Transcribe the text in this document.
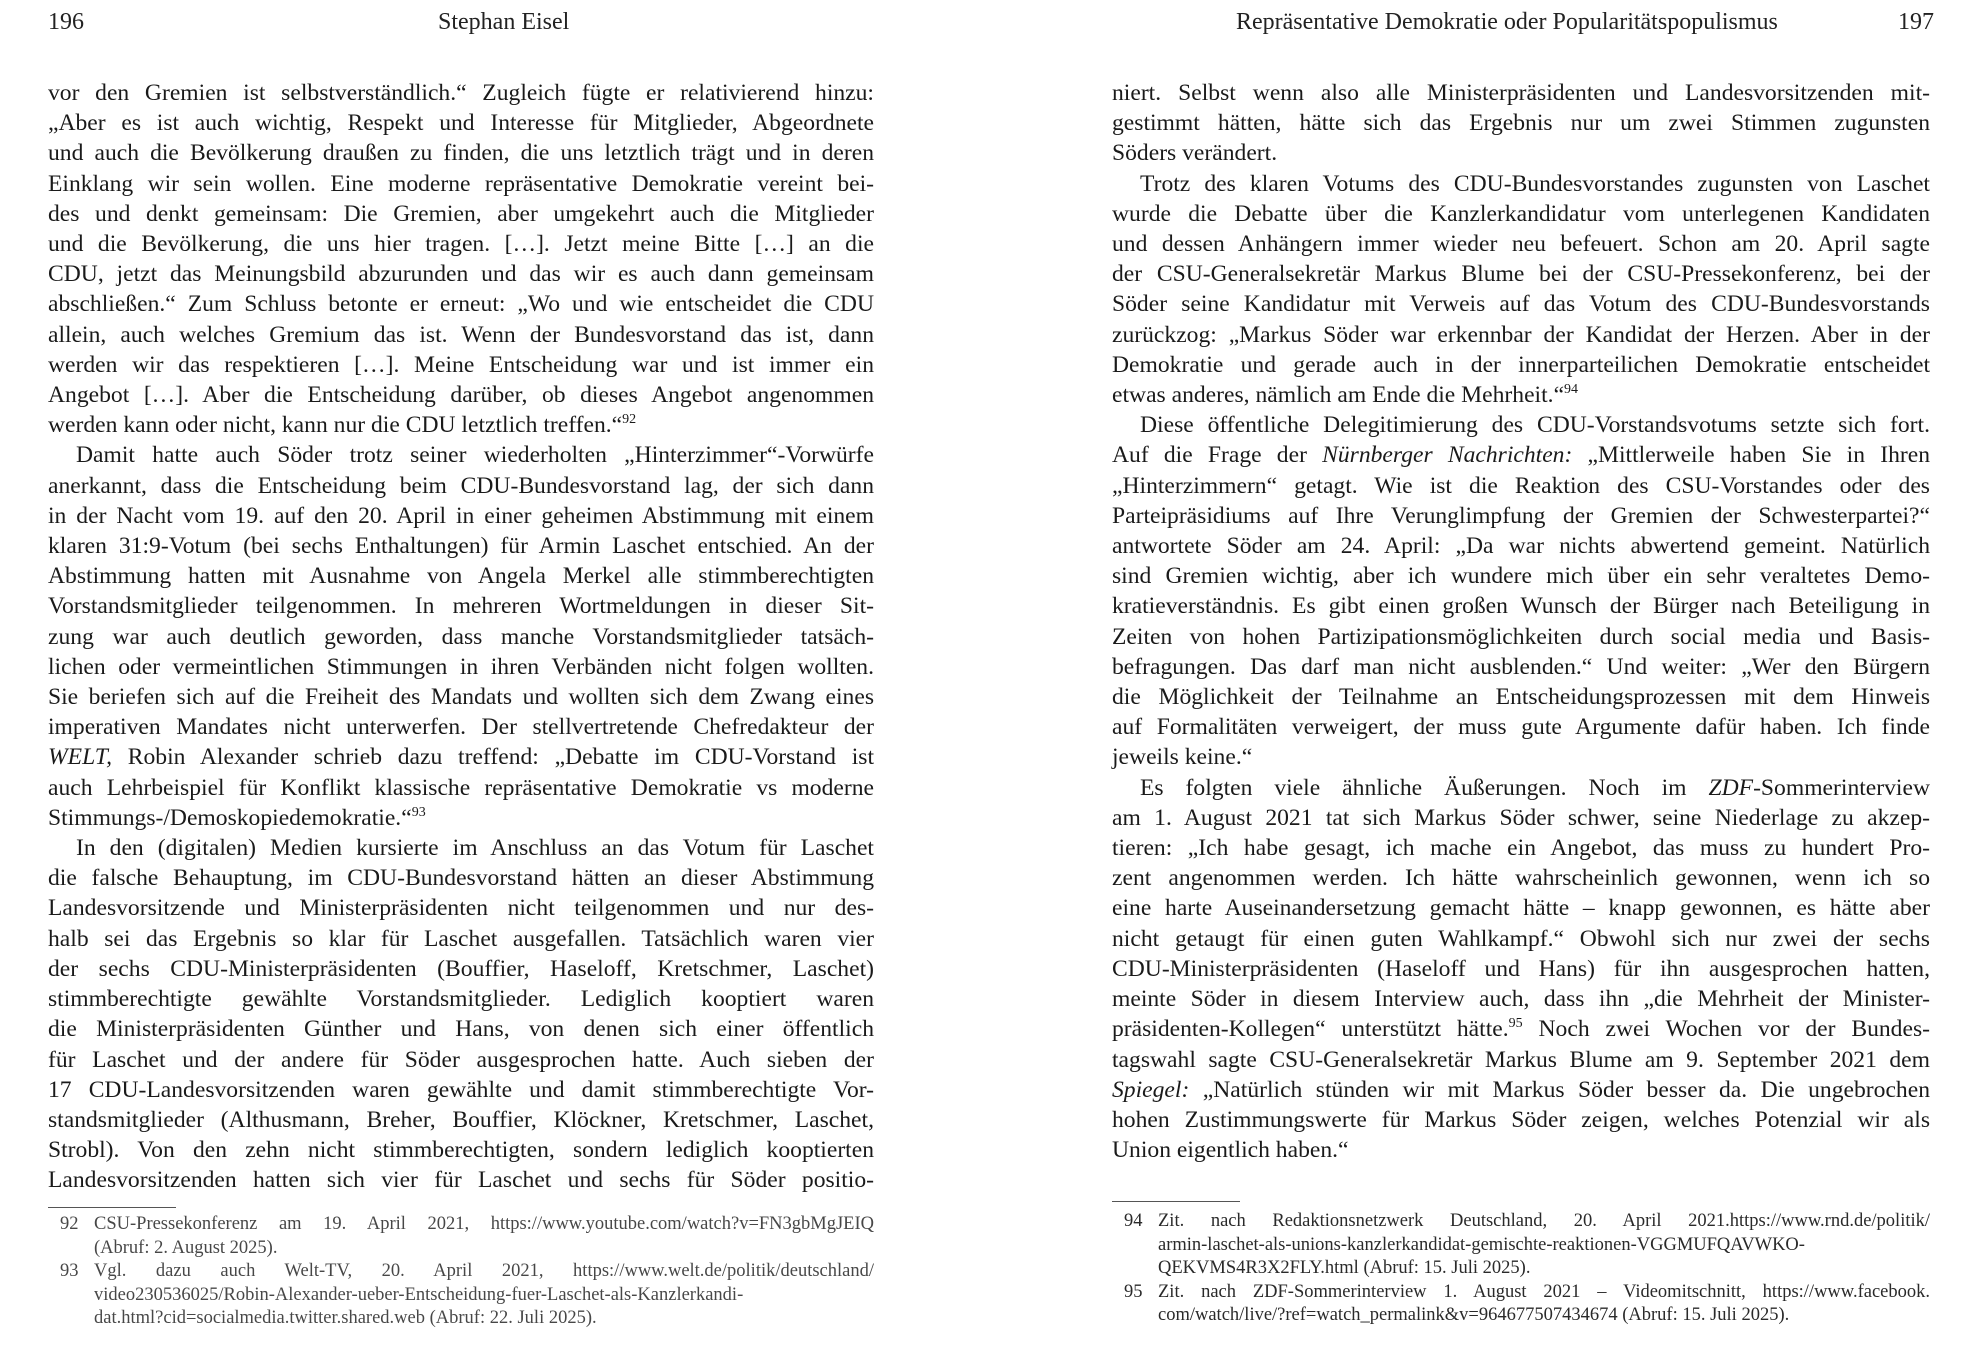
196	Stephan Eisel

vor den Gremien ist selbstverständlich.“ Zugleich fügte er relativierend hinzu:
„Aber es ist auch wichtig, Respekt und Interesse für Mitglieder, Abgeordnete
und auch die Bevölkerung draußen zu finden, die uns letztlich trägt und in deren
Einklang wir sein wollen. Eine moderne repräsentative Demokratie vereint bei-
des und denkt gemeinsam: Die Gremien, aber umgekehrt auch die Mitglieder
und die Bevölkerung, die uns hier tragen. […]. Jetzt meine Bitte […] an die
CDU, jetzt das Meinungsbild abzurunden und das wir es auch dann gemeinsam
abschließen.“ Zum Schluss betonte er erneut: „Wo und wie entscheidet die CDU
allein, auch welches Gremium das ist. Wenn der Bundesvorstand das ist, dann
werden wir das respektieren […]. Meine Entscheidung war und ist immer ein
Angebot […]. Aber die Entscheidung darüber, ob dieses Angebot angenommen
werden kann oder nicht, kann nur die CDU letztlich treffen.“$^{92}$

Damit hatte auch Söder trotz seiner wiederholten „Hinterzimmer“-Vorwürfe
anerkannt, dass die Entscheidung beim CDU-Bundesvorstand lag, der sich dann
in der Nacht vom 19. auf den 20. April in einer geheimen Abstimmung mit einem
klaren 31:9-Votum (bei sechs Enthaltungen) für Armin Laschet entschied. An der
Abstimmung hatten mit Ausnahme von Angela Merkel alle stimmberechtigten
Vorstandsmitglieder teilgenommen. In mehreren Wortmeldungen in dieser Sit-
zung war auch deutlich geworden, dass manche Vorstandsmitglieder tatsäch-
lichen oder vermeintlichen Stimmungen in ihren Verbänden nicht folgen wollten.
Sie beriefen sich auf die Freiheit des Mandats und wollten sich dem Zwang eines
imperativen Mandates nicht unterwerfen. Der stellvertretende Chefredakteur der
WELT, Robin Alexander schrieb dazu treffend: „Debatte im CDU-Vorstand ist
auch Lehrbeispiel für Konflikt klassische repräsentative Demokratie vs moderne
Stimmungs-/Demoskopiedemokratie.“$^{93}$

In den (digitalen) Medien kursierte im Anschluss an das Votum für Laschet
die falsche Behauptung, im CDU-Bundesvorstand hätten an dieser Abstimmung
Landesvorsitzende und Ministerpräsidenten nicht teilgenommen und nur des-
halb sei das Ergebnis so klar für Laschet ausgefallen. Tatsächlich waren vier
der sechs CDU-Ministerpräsidenten (Bouffier, Haseloff, Kretschmer, Laschet)
stimmberechtigte gewählte Vorstandsmitglieder. Lediglich kooptiert waren
die Ministerpräsidenten Günther und Hans, von denen sich einer öffentlich
für Laschet und der andere für Söder ausgesprochen hatte. Auch sieben der
17 CDU-Landesvorsitzenden waren gewählte und damit stimmberechtigte Vor-
standsmitglieder (Althusmann, Breher, Bouffier, Klöckner, Kretschmer, Laschet,
Strobl). Von den zehn nicht stimmberechtigten, sondern lediglich kooptierten
Landesvorsitzenden hatten sich vier für Laschet und sechs für Söder positio-

92 CSU-Pressekonferenz am 19. April 2021, https://www.youtube.com/watch?v=FN3gbMgJEIQ
(Abruf: 2. August 2025).
93 Vgl. dazu auch Welt-TV, 20. April 2021, https://www.welt.de/politik/deutschland/
video230536025/Robin-Alexander-ueber-Entscheidung-fuer-Laschet-als-Kanzlerkandi-
dat.html?cid=socialmedia.twitter.shared.web (Abruf: 22. Juli 2025).
Repräsentative Demokratie oder Popularitätspopulismus	197

niert. Selbst wenn also alle Ministerpräsidenten und Landesvorsitzenden mit-
gestimmt hätten, hätte sich das Ergebnis nur um zwei Stimmen zugunsten
Söders verändert.

Trotz des klaren Votums des CDU-Bundesvorstandes zugunsten von Laschet
wurde die Debatte über die Kanzlerkandidatur vom unterlegenen Kandidaten
und dessen Anhängern immer wieder neu befeuert. Schon am 20. April sagte
der CSU-Generalsekretär Markus Blume bei der CSU-Pressekonferenz, bei der
Söder seine Kandidatur mit Verweis auf das Votum des CDU-Bundesvorstands
zurückzog: „Markus Söder war erkennbar der Kandidat der Herzen. Aber in der
Demokratie und gerade auch in der innerparteilichen Demokratie entscheidet
etwas anderes, nämlich am Ende die Mehrheit.“$^{94}$

Diese öffentliche Delegitimierung des CDU-Vorstandsvotums setzte sich fort.
Auf die Frage der Nürnberger Nachrichten: „Mittlerweile haben Sie in Ihren
„Hinterzimmern“ getagt. Wie ist die Reaktion des CSU-Vorstandes oder des
Parteipräsidiums auf Ihre Verunglimpfung der Gremien der Schwesterpartei?“
antwortete Söder am 24. April: „Da war nichts abwertend gemeint. Natürlich
sind Gremien wichtig, aber ich wundere mich über ein sehr veraltetes Demo-
kratieverständnis. Es gibt einen großen Wunsch der Bürger nach Beteiligung in
Zeiten von hohen Partizipationsmöglichkeiten durch social media und Basis-
befragungen. Das darf man nicht ausblenden.“ Und weiter: „Wer den Bürgern
die Möglichkeit der Teilnahme an Entscheidungsprozessen mit dem Hinweis
auf Formalitäten verweigert, der muss gute Argumente dafür haben. Ich finde
jeweils keine.“

Es folgten viele ähnliche Äußerungen. Noch im ZDF-Sommerinterview
am 1. August 2021 tat sich Markus Söder schwer, seine Niederlage zu akzep-
tieren: „Ich habe gesagt, ich mache ein Angebot, das muss zu hundert Pro-
zent angenommen werden. Ich hätte wahrscheinlich gewonnen, wenn ich so
eine harte Auseinandersetzung gemacht hätte – knapp gewonnen, es hätte aber
nicht getaugt für einen guten Wahlkampf.“ Obwohl sich nur zwei der sechs
CDU-Ministerpräsidenten (Haseloff und Hans) für ihn ausgesprochen hatten,
meinte Söder in diesem Interview auch, dass ihn „die Mehrheit der Minister-
präsidenten-Kollegen“ unterstützt hätte.$^{95}$ Noch zwei Wochen vor der Bundes-
tagswahl sagte CSU-Generalsekretär Markus Blume am 9. September 2021 dem
Spiegel: „Natürlich stünden wir mit Markus Söder besser da. Die ungebrochen
hohen Zustimmungswerte für Markus Söder zeigen, welches Potenzial wir als
Union eigentlich haben.“

94 Zit. nach Redaktionsnetzwerk Deutschland, 20. April 2021.https://www.rnd.de/politik/
armin-laschet-als-unions-kanzlerkandidat-gemischte-reaktionen-VGGMUFQAVWKO-
QEKVMS4R3X2FLY.html (Abruf: 15. Juli 2025).
95 Zit. nach ZDF-Sommerinterview 1. August 2021 – Videomitschnitt, https://www.facebook.
com/watch/live/?ref=watch_permalink&v=964677507434674 (Abruf: 15. Juli 2025).
